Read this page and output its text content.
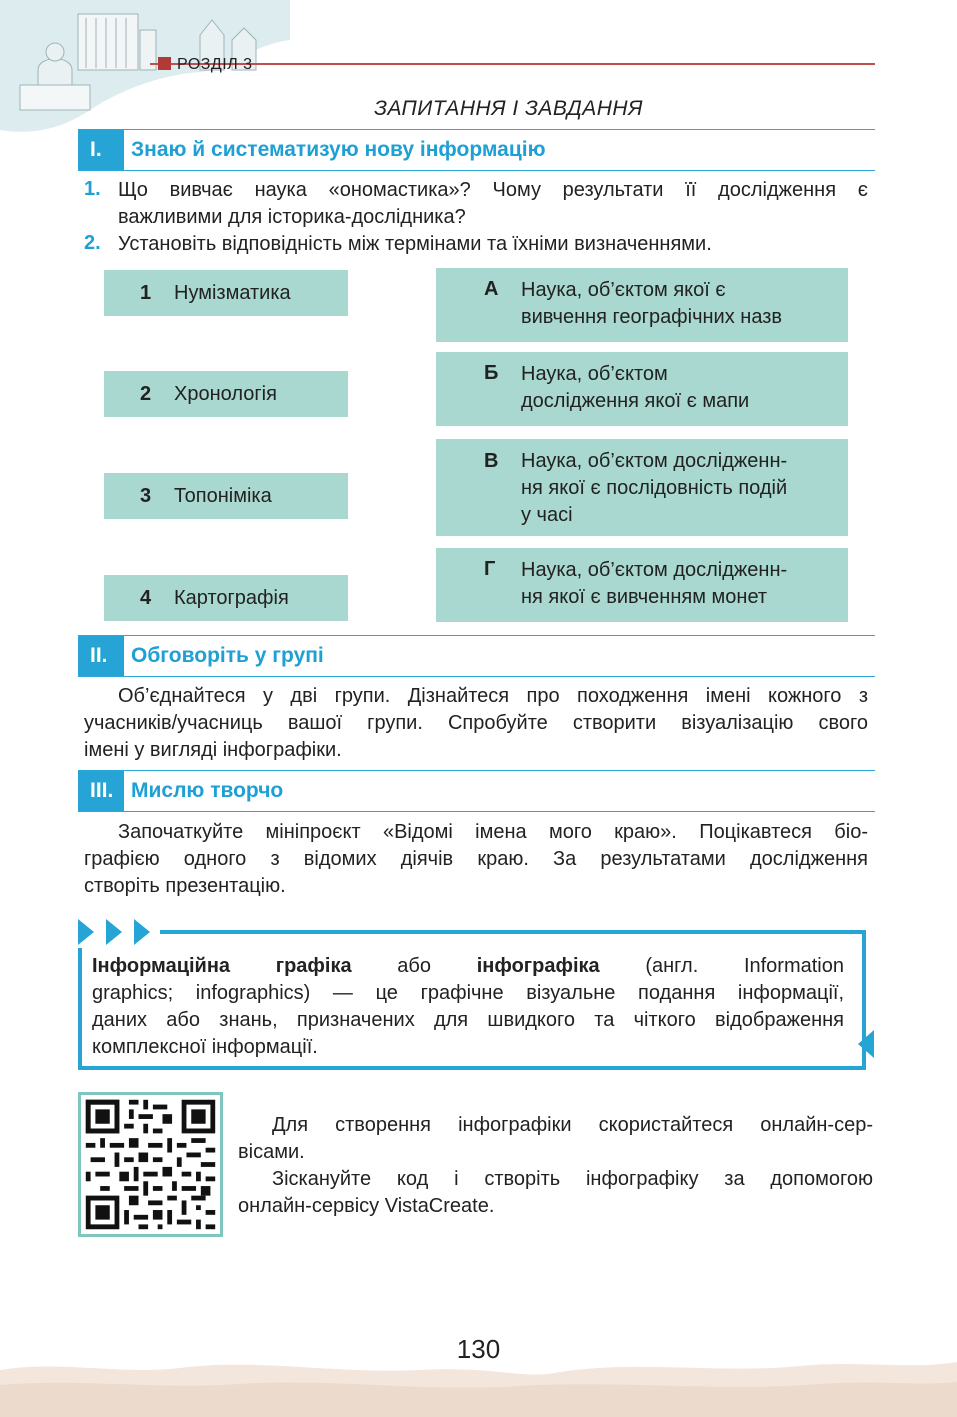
РОЗДІЛ 3
ЗАПИТАННЯ І ЗАВДАННЯ
I.	Знаю й систематизую нову інформацію
1. Що вивчає наука «ономастика»? Чому результати її дослідження є
важливими для історика-дослідника?
2. Установіть відповідність між термінами та їхніми визначеннями.
1 Нумізматика
2 Хронологія
3 Топоніміка
4 Картографія
А Наука, об’єктом якої є
вивчення географічних назв
Б Наука, об’єктом
дослідження якої є мапи
В Наука, об’єктом дослідженн-
ня якої є послідовність подій
у часі
Г Наука, об’єктом дослідженн-
ня якої є вивченням монет
II.	Обговоріть у групі
Об’єднайтеся у дві групи. Дізнайтеся про походження імені кожного з
учасників/учасниць вашої групи. Спробуйте створити візуалізацію свого
імені у вигляді інфографіки.
III. Мислю творчо
Започаткуйте мініпроєкт «Відомі імена мого краю». Поцікавтеся біо-
графією одного з відомих діячів краю. За результатами дослідження
створіть презентацію.
Інформаційна графіка або інфографіка (англ. Information
graphics; infographics) — це графічне візуальне подання інформації,
даних або знань, призначених для швидкого та чіткого відображення
комплексної інформації.
Для створення інфографіки скористайтеся онлайн-сер-
вісами.
Зіскануйте код і створіть інфографіку за допомогою
онлайн-сервісу VistaCreate.
130
